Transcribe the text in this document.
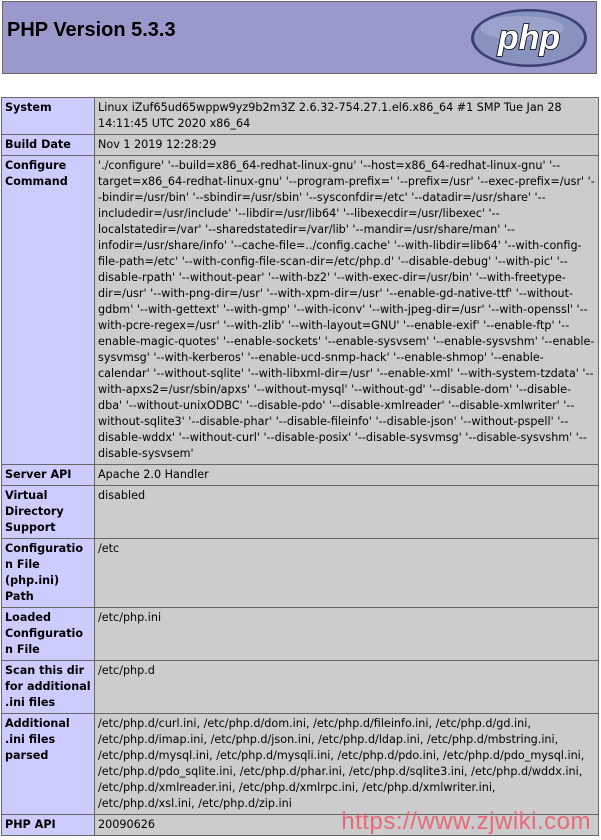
PHP Version 5.3.3	php
System	Linux iZuf65ud65wppw9yz9b2m3Z 2.6.32-754.27.1.el6.x86_64 #1 SMP Tue Jan 28 14:11:45 UTC 2020 x86_64
Build Date	Nov 1 2019 12:28:29
Configure Command	'./configure' '--build=x86_64-redhat-linux-gnu' '--host=x86_64-redhat-linux-gnu' '--target=x86_64-redhat-linux-gnu' '--program-prefix=' '--prefix=/usr' '--exec-prefix=/usr' '--bindir=/usr/bin' '--sbindir=/usr/sbin' '--sysconfdir=/etc' '--datadir=/usr/share' '--includedir=/usr/include' '--libdir=/usr/lib64' '--libexecdir=/usr/libexec' '--localstatedir=/var' '--sharedstatedir=/var/lib' '--mandir=/usr/share/man' '--infodir=/usr/share/info' '--cache-file=../config.cache' '--with-libdir=lib64' '--with-config-file-path=/etc' '--with-config-file-scan-dir=/etc/php.d' '--disable-debug' '--with-pic' '--disable-rpath' '--without-pear' '--with-bz2' '--with-exec-dir=/usr/bin' '--with-freetype-dir=/usr' '--with-png-dir=/usr' '--with-xpm-dir=/usr' '--enable-gd-native-ttf' '--without-gdbm' '--with-gettext' '--with-gmp' '--with-iconv' '--with-jpeg-dir=/usr' '--with-openssl' '--with-pcre-regex=/usr' '--with-zlib' '--with-layout=GNU' '--enable-exif' '--enable-ftp' '--enable-magic-quotes' '--enable-sockets' '--enable-sysvsem' '--enable-sysvshm' '--enable-sysvmsg' '--with-kerberos' '--enable-ucd-snmp-hack' '--enable-shmop' '--enable-calendar' '--without-sqlite' '--with-libxml-dir=/usr' '--enable-xml' '--with-system-tzdata' '--with-apxs2=/usr/sbin/apxs' '--without-mysql' '--without-gd' '--disable-dom' '--disable-dba' '--without-unixODBC' '--disable-pdo' '--disable-xmlreader' '--disable-xmlwriter' '--without-sqlite3' '--disable-phar' '--disable-fileinfo' '--disable-json' '--without-pspell' '--disable-wddx' '--without-curl' '--disable-posix' '--disable-sysvmsg' '--disable-sysvshm' '--disable-sysvsem'
Server API	Apache 2.0 Handler
Virtual Directory Support	disabled
Configuration File (php.ini) Path	/etc
Loaded Configuration File	/etc/php.ini
Scan this dir for additional .ini files	/etc/php.d
Additional .ini files parsed	/etc/php.d/curl.ini, /etc/php.d/dom.ini, /etc/php.d/fileinfo.ini, /etc/php.d/gd.ini, /etc/php.d/imap.ini, /etc/php.d/json.ini, /etc/php.d/ldap.ini, /etc/php.d/mbstring.ini, /etc/php.d/mysql.ini, /etc/php.d/mysqli.ini, /etc/php.d/pdo.ini, /etc/php.d/pdo_mysql.ini, /etc/php.d/pdo_sqlite.ini, /etc/php.d/phar.ini, /etc/php.d/sqlite3.ini, /etc/php.d/wddx.ini, /etc/php.d/xmlreader.ini, /etc/php.d/xmlrpc.ini, /etc/php.d/xmlwriter.ini, /etc/php.d/xsl.ini, /etc/php.d/zip.ini
PHP API	20090626	https://www.zjwiki.com
